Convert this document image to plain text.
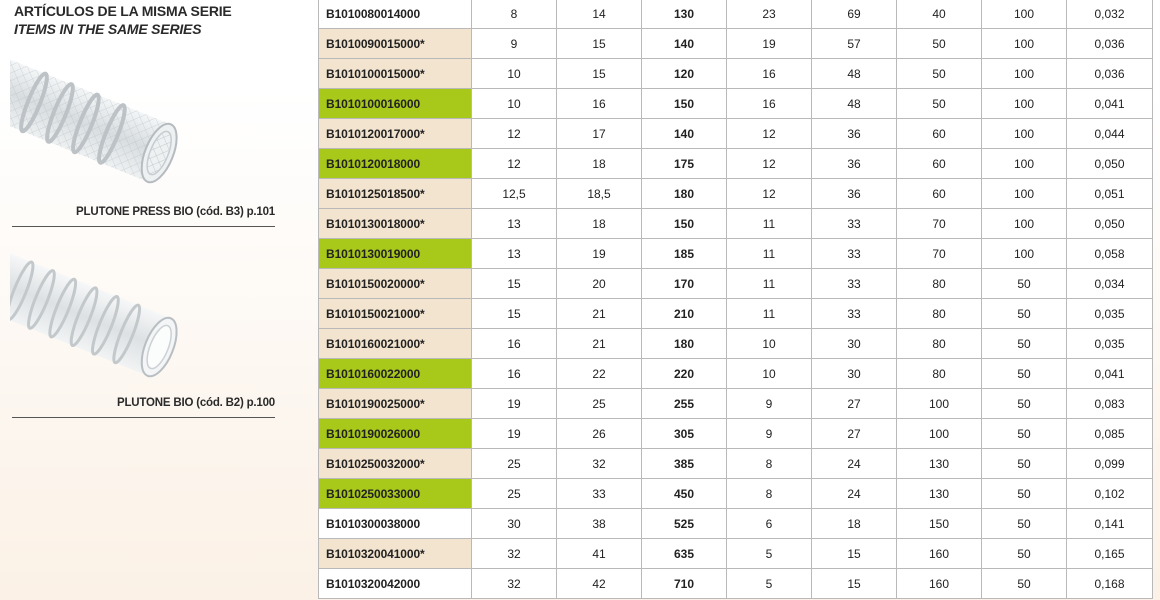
ARTÍCULOS DE LA MISMA SERIE
ITEMS IN THE SAME SERIES
PLUTONE PRESS BIO (cód. B3) p.101
PLUTONE BIO (cód. B2) p.100
B1010080014000	8	14	130	23	69	40	100	0,032
B1010090015000*	9	15	140	19	57	50	100	0,036
B1010100015000*	10	15	120	16	48	50	100	0,036
B1010100016000	10	16	150	16	48	50	100	0,041
B1010120017000*	12	17	140	12	36	60	100	0,044
B1010120018000	12	18	175	12	36	60	100	0,050
B1010125018500*	12,5	18,5	180	12	36	60	100	0,051
B1010130018000*	13	18	150	11	33	70	100	0,050
B1010130019000	13	19	185	11	33	70	100	0,058
B1010150020000*	15	20	170	11	33	80	50	0,034
B1010150021000*	15	21	210	11	33	80	50	0,035
B1010160021000*	16	21	180	10	30	80	50	0,035
B1010160022000	16	22	220	10	30	80	50	0,041
B1010190025000*	19	25	255	9	27	100	50	0,083
B1010190026000	19	26	305	9	27	100	50	0,085
B1010250032000*	25	32	385	8	24	130	50	0,099
B1010250033000	25	33	450	8	24	130	50	0,102
B1010300038000	30	38	525	6	18	150	50	0,141
B1010320041000*	32	41	635	5	15	160	50	0,165
B1010320042000	32	42	710	5	15	160	50	0,168
